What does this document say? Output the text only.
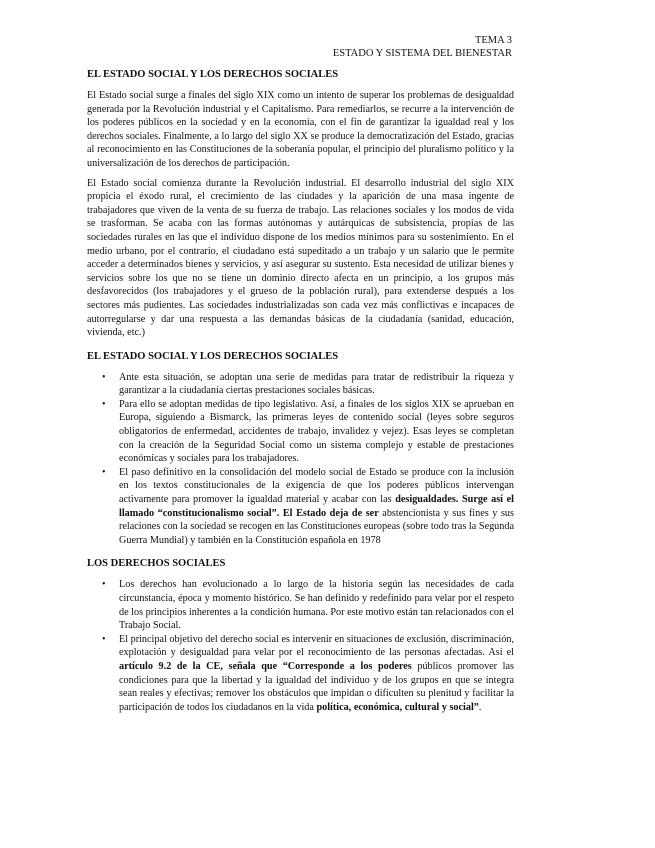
TEMA 3
ESTADO Y SISTEMA DEL BIENESTAR
EL ESTADO SOCIAL Y LOS DERECHOS SOCIALES

El Estado social surge a finales del siglo XIX como un intento de superar los problemas de desigualdad generada por la Revolución industrial y el Capitalismo. Para remediarlos, se recurre a la intervención de los poderes públicos en la sociedad y en la economía, con el fin de garantizar la igualdad real y los derechos sociales. Finalmente, a lo largo del siglo XX se produce la democratización del Estado, gracias al reconocimiento en las Constituciones de la soberanía popular, el principio del pluralismo político y la universalización de los derechos de participación.

El Estado social comienza durante la Revolución industrial. El desarrollo industrial del siglo XIX propicia el éxodo rural, el crecimiento de las ciudades y la aparición de una masa ingente de trabajadores que viven de la venta de su fuerza de trabajo. Las relaciones sociales y los modos de vida se trasforman. Se acaba con las formas autónomas y autárquicas de subsistencia, propias de las sociedades rurales en las que el individuo dispone de los medios mínimos para su sostenimiento. En el medio urbano, por el contrario, el ciudadano está supeditado a un trabajo y un salario que le permite acceder a determinados bienes y servicios, y así asegurar su sustento. Esta necesidad de utilizar bienes y servicios sobre los que no se tiene un dominio directo afecta en un principio, a los grupos más desfavorecidos (los trabajadores y el grueso de la población rural), para extenderse después a los sectores más pudientes. Las sociedades industrializadas son cada vez más conflictivas e incapaces de autorregularse y dar una respuesta a las demandas básicas de la ciudadanía (sanidad, educación, vivienda, etc.)

EL ESTADO SOCIAL Y LOS DERECHOS SOCIALES
• Ante esta situación, se adoptan una serie de medidas para tratar de redistribuir la riqueza y garantizar a la ciudadanía ciertas prestaciones sociales básicas.
• Para ello se adoptan medidas de tipo legislativo. Así, a finales de los siglos XIX se aprueban en Europa, siguiendo a Bismarck, las primeras leyes de contenido social (leyes sobre seguros obligatorios de enfermedad, accidentes de trabajo, invalidez y vejez). Esas leyes se completan con la creación de la Seguridad Social como un sistema complejo y estable de prestaciones económicas y sociales para los trabajadores.
• El paso definitivo en la consolidación del modelo social de Estado se produce con la inclusión en los textos constitucionales de la exigencia de que los poderes públicos intervengan activamente para promover la igualdad material y acabar con las desigualdades. Surge así el llamado “constitucionalismo social”. El Estado deja de ser abstencionista y sus fines y sus relaciones con la sociedad se recogen en las Constituciones europeas (sobre todo tras la Segunda Guerra Mundial) y también en la Constitución española en 1978
LOS DERECHOS SOCIALES
• Los derechos han evolucionado a lo largo de la historia según las necesidades de cada circunstancia, época y momento histórico. Se han definido y redefinido para velar por el respeto de los principios inherentes a la condición humana. Por este motivo están tan relacionados con el Trabajo Social.
• El principal objetivo del derecho social es intervenir en situaciones de exclusión, discriminación, explotación y desigualdad para velar por el reconocimiento de las personas afectadas. Así el artículo 9.2 de la CE, señala que “Corresponde a los poderes públicos promover las condiciones para que la libertad y la igualdad del individuo y de los grupos en que se integra sean reales y efectivas; remover los obstáculos que impidan o dificulten su plenitud y facilitar la participación de todos los ciudadanos en la vida política, económica, cultural y social”.
